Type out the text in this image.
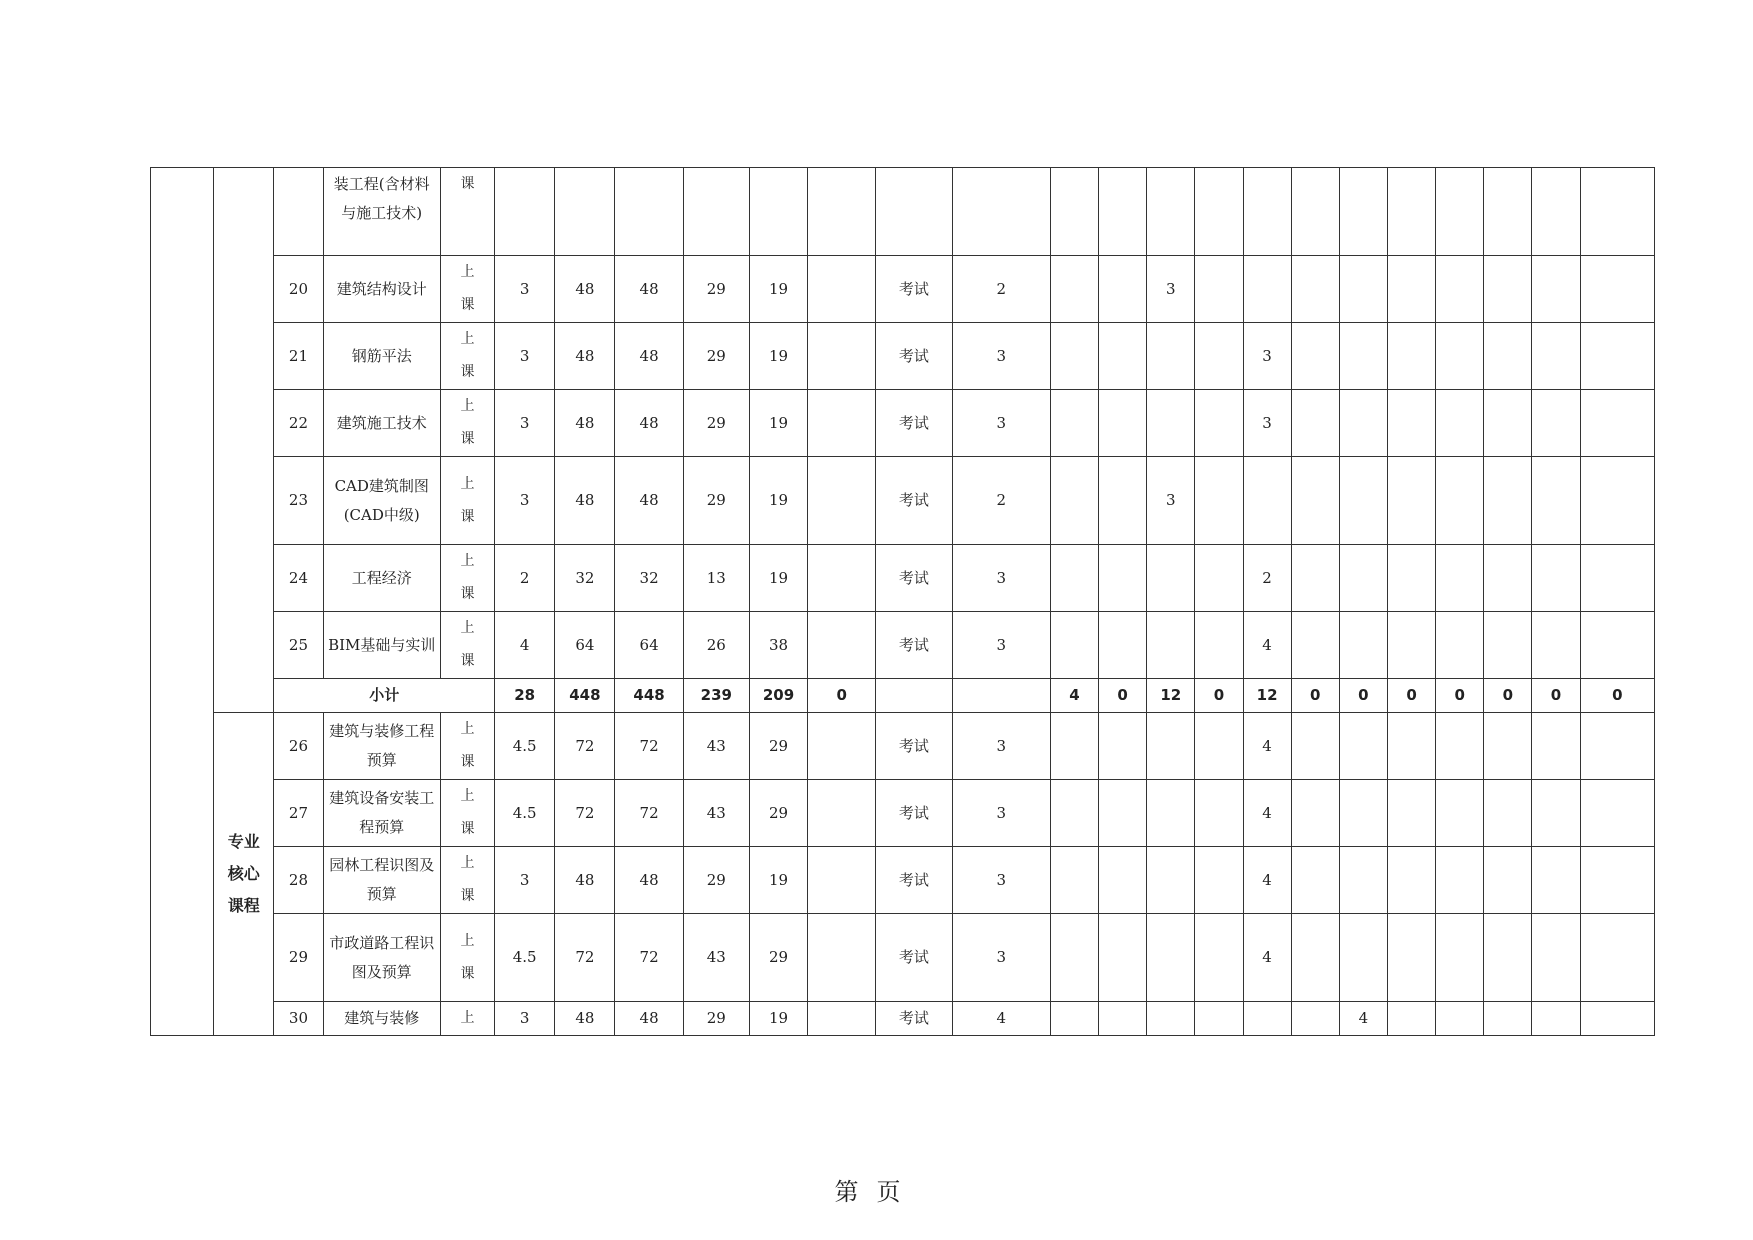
			装工程(含材料与施工技术)	课																				
		20	建筑结构设计	上课	3	48	48	29	19		考试	2			3									
		21	钢筋平法	上课	3	48	48	29	19		考试	3					3							
		22	建筑施工技术	上课	3	48	48	29	19		考试	3					3							
		23	CAD建筑制图(CAD中级)	上课	3	48	48	29	19		考试	2			3									
		24	工程经济	上课	2	32	32	13	19		考试	3					2							
		25	BIM基础与实训	上课	4	64	64	26	38		考试	3					4							
		小计			28	448	448	239	209	0			4	0	12	0	12	0	0	0	0	0	0	0
	专业核心课程	26	建筑与装修工程预算	上课	4.5	72	72	43	29		考试	3					4							
		27	建筑设备安装工程预算	上课	4.5	72	72	43	29		考试	3					4							
		28	园林工程识图及预算	上课	3	48	48	29	19		考试	3					4							
		29	市政道路工程识图及预算	上课	4.5	72	72	43	29		考试	3					4							
		30	建筑与装修	上	3	48	48	29	19		考试	4							4					
第页
